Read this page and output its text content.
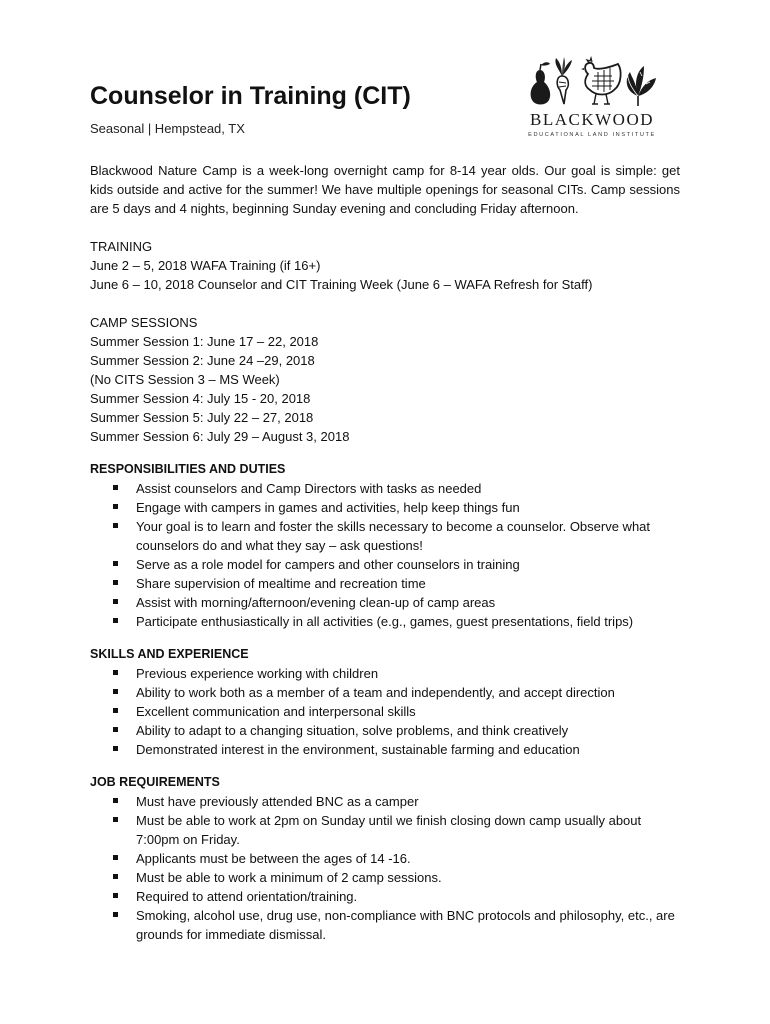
BLACKWOOD
EDUCATIONAL LAND INSTITUTE
Counselor in Training (CIT)
Seasonal | Hempstead, TX

Blackwood Nature Camp is a week-long overnight camp for 8-14 year olds. Our goal is simple: get kids outside and active for the summer! We have multiple openings for seasonal CITs. Camp sessions are 5 days and 4 nights, beginning Sunday evening and concluding Friday afternoon.

TRAINING
June 2 – 5, 2018 WAFA Training (if 16+)
June 6 – 10, 2018 Counselor and CIT Training Week (June 6 – WAFA Refresh for Staff)
CAMP SESSIONS
Summer Session 1: June 17 – 22, 2018
Summer Session 2: June 24 –29, 2018
(No CITS Session 3 – MS Week)
Summer Session 4: July 15 - 20, 2018
Summer Session 5: July 22 – 27, 2018
Summer Session 6: July 29 – August 3, 2018
RESPONSIBILITIES AND DUTIES
Assist counselors and Camp Directors with tasks as needed
Engage with campers in games and activities, help keep things fun
Your goal is to learn and foster the skills necessary to become a counselor. Observe what counselors do and what they say – ask questions!
Serve as a role model for campers and other counselors in training
Share supervision of mealtime and recreation time
Assist with morning/afternoon/evening clean-up of camp areas
Participate enthusiastically in all activities (e.g., games, guest presentations, field trips)
SKILLS AND EXPERIENCE
Previous experience working with children
Ability to work both as a member of a team and independently, and accept direction
Excellent communication and interpersonal skills
Ability to adapt to a changing situation, solve problems, and think creatively
Demonstrated interest in the environment, sustainable farming and education
JOB REQUIREMENTS
Must have previously attended BNC as a camper
Must be able to work at 2pm on Sunday until we finish closing down camp usually about 7:00pm on Friday.
Applicants must be between the ages of 14 -16.
Must be able to work a minimum of 2 camp sessions.
Required to attend orientation/training.
Smoking, alcohol use, drug use, non-compliance with BNC protocols and philosophy, etc., are grounds for immediate dismissal.
